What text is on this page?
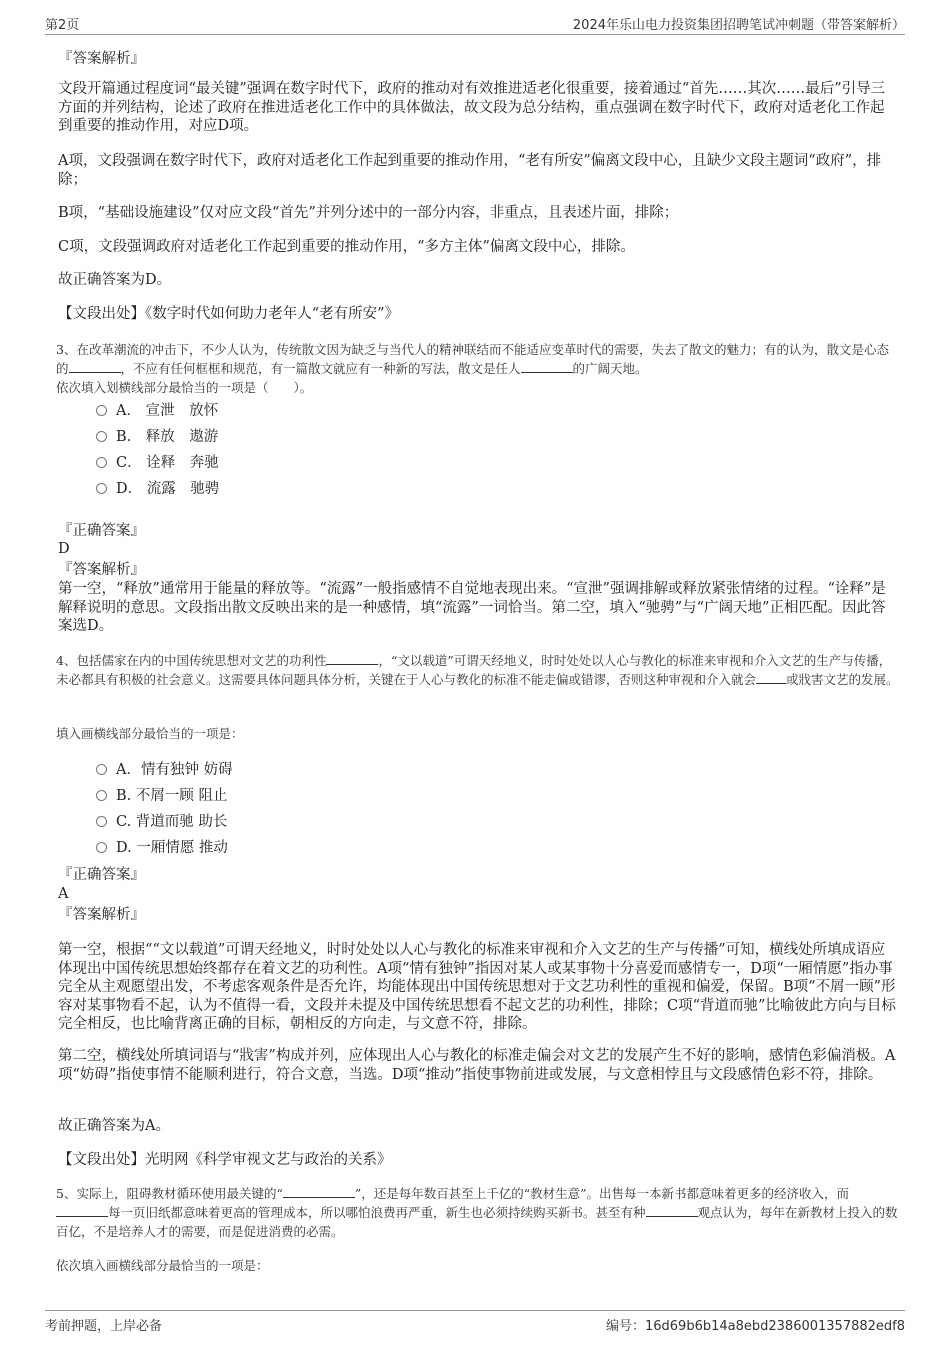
第2页	2024年乐山电力投资集团招聘笔试冲刺题（带答案解析）

『答案解析』

文段开篇通过程度词“最关键”强调在数字时代下，政府的推动对有效推进适老化很重要，接着通过“首先……其次……最后”引导三方面的并列结构，论述了政府在推进适老化工作中的具体做法，故文段为总分结构，重点强调在数字时代下，政府对适老化工作起到重要的推动作用，对应D项。

A项，文段强调在数字时代下，政府对适老化工作起到重要的推动作用，“老有所安”偏离文段中心，且缺少文段主题词“政府”，排除；

B项，“基础设施建设”仅对应文段“首先”并列分述中的一部分内容，非重点，且表述片面，排除；

C项，文段强调政府对适老化工作起到重要的推动作用，“多方主体”偏离文段中心，排除。

故正确答案为D。

【文段出处】《数字时代如何助力老年人“老有所安”》

3、在改革潮流的冲击下，不少人认为，传统散文因为缺乏与当代人的精神联结而不能适应变革时代的需要，失去了散文的魅力；有的认为，散文是心态的	，不应有任何框框和规范，有一篇散文就应有一种新的写法，散文是任人	的广阔天地。

依次填入划横线部分最恰当的一项是（　　）。

A． 宣泄　放怀
B． 释放　遨游
C． 诠释　奔驰
D． 流露　驰骋

『正确答案』

D

『答案解析』

第一空，“释放”通常用于能量的释放等。“流露”一般指感情不自觉地表现出来。“宣泄”强调排解或释放紧张情绪的过程。“诠释”是解释说明的意思。文段指出散文反映出来的是一种感情，填“流露”一词恰当。第二空，填入“驰骋”与“广阔天地”正相匹配。因此答案选D。

4、包括儒家在内的中国传统思想对文艺的功利性	，“文以载道”可谓天经地义，时时处处以人心与教化的标准来审视和介入文艺的生产与传播，未必都具有积极的社会意义。这需要具体问题具体分析，关键在于人心与教化的标准不能走偏或错谬，否则这种审视和介入就会 或戕害文艺的发展。

填入画横线部分最恰当的一项是：

A．情有独钟 妨碍
B. 不屑一顾 阻止
C. 背道而驰 助长
D. 一厢情愿 推动

『正确答案』

A

『答案解析』

第一空，根据““文以载道”可谓天经地义，时时处处以人心与教化的标准来审视和介入文艺的生产与传播”可知，横线处所填成语应体现出中国传统思想始终都存在着文艺的功利性。A项“情有独钟”指因对某人或某事物十分喜爱而感情专一，D项“一厢情愿”指办事完全从主观愿望出发，不考虑客观条件是否允许，均能体现出中国传统思想对于文艺功利性的重视和偏爱，保留。B项“不屑一顾”形容对某事物看不起，认为不值得一看，文段并未提及中国传统思想看不起文艺的功利性，排除；C项“背道而驰”比喻彼此方向与目标完全相反，也比喻背离正确的目标，朝相反的方向走，与文意不符，排除。

第二空，横线处所填词语与“戕害”构成并列，应体现出人心与教化的标准走偏会对文艺的发展产生不好的影响，感情色彩偏消极。A项“妨碍”指使事情不能顺利进行，符合文意，当选。D项“推动”指使事物前进或发展，与文意相悖且与文段感情色彩不符，排除。

故正确答案为A。

【文段出处】光明网《科学审视文艺与政治的关系》

5、实际上，阻碍教材循环使用最关键的“	”，还是每年数百甚至上千亿的“教材生意”。出售每一本新书都意味着更多的经济收入，而每一页旧纸都意味着更高的管理成本，所以哪怕浪费再严重，新生也必须持续购买新书。甚至有种	观点认为，每年在新教材上投入的数百亿，不是培养人才的需要，而是促进消费的必需。

依次填入画横线部分最恰当的一项是：

考前押题，上岸必备	编号：16d69b6b14a8ebd2386001357882edf8
